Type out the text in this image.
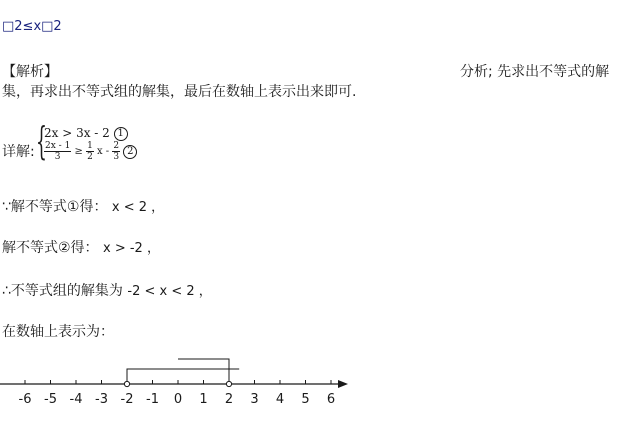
□2≤x□2
【解析】	分析; 先求出不等式的解
集，再求出不等式组的解集，最后在数轴上表示出来即可.
详解: {
2x > 3x - 2 1
$\frac{2x - 1}{3} \ge \frac{1}{2}$ x - $\frac{2}{3} 2$
∵解不等式①得： x < 2 ，
解不等式②得： x > -2 ，
∴不等式组的解集为 -2 < x < 2 ，
在数轴上表示为：
-6 -5 -4 -3 -2 -1 0 1 2 3 4 5 6
